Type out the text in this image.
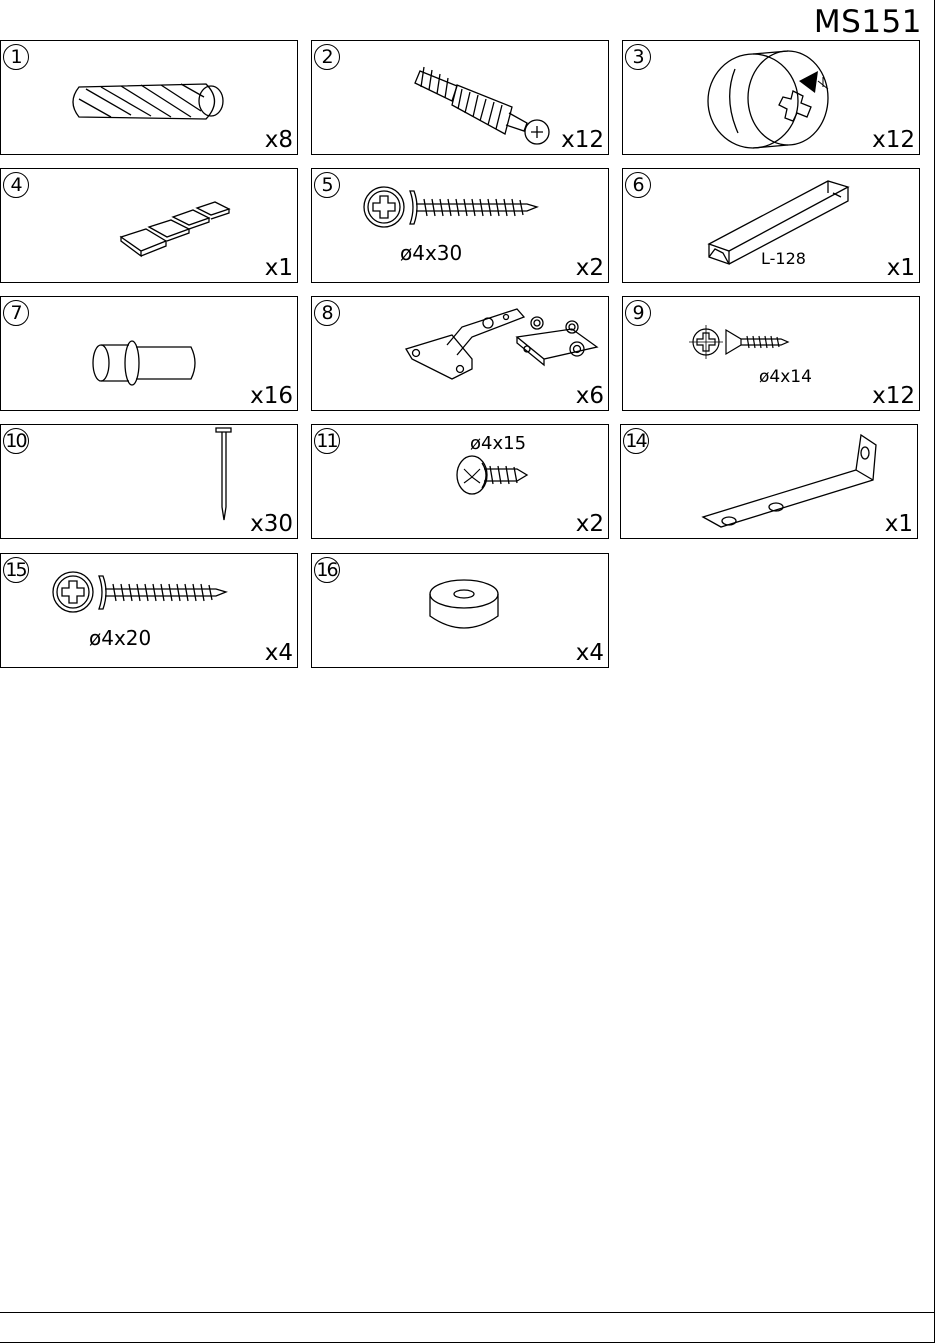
MS151
1
x8
2
x12
3
x12
4
x1
5
ø4x30
x2
6
L-128	x1
7
x16
8
x6
9
ø4x14
x12
10
x30
11	ø4x15
x2
14
x1
15
ø4x20
x4
16
x4
